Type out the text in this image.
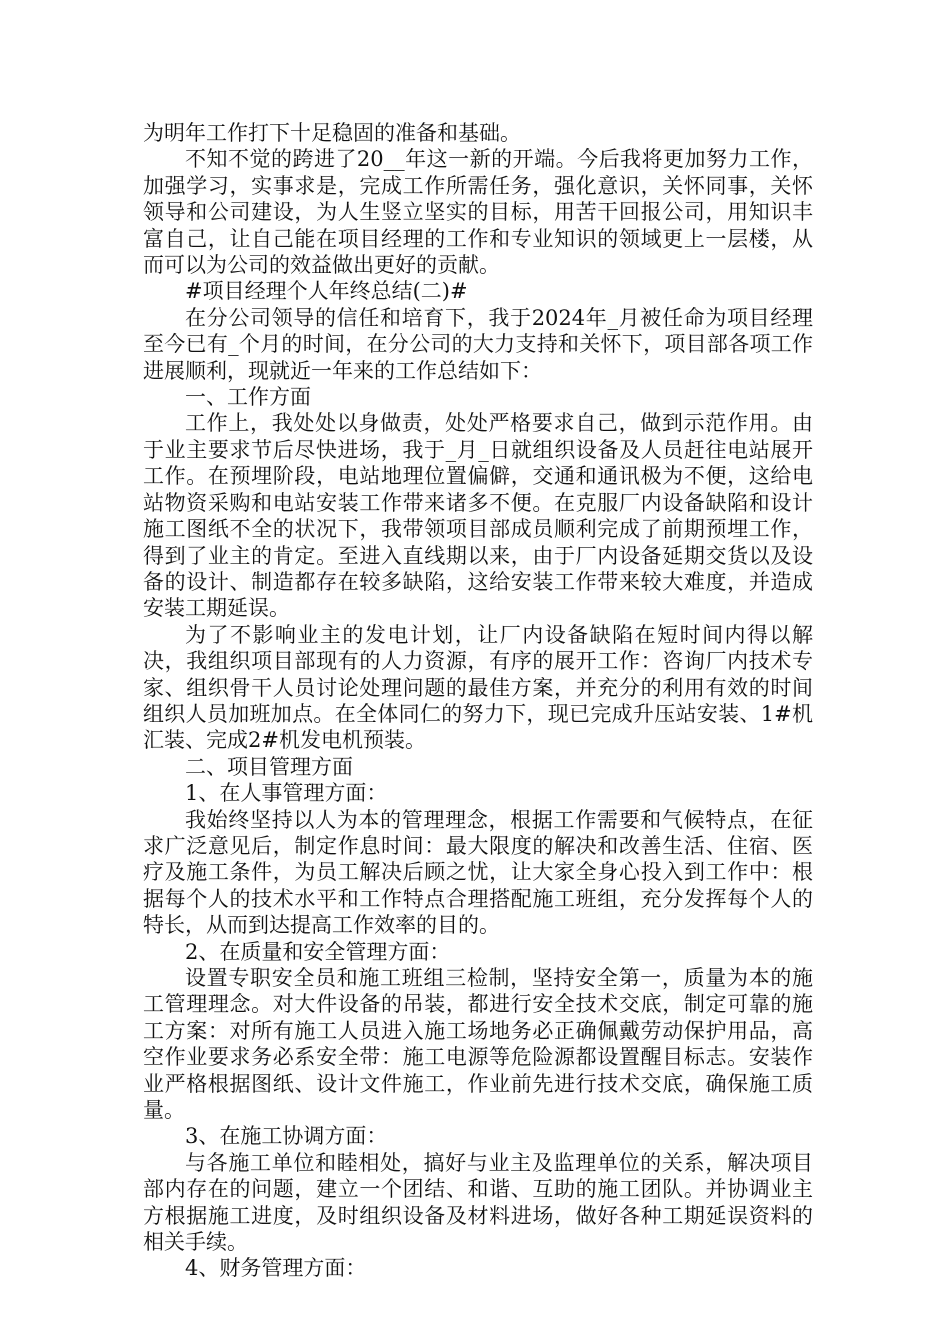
为明年工作打下十足稳固的准备和基础。

不知不觉的跨进了20__年这一新的开端。今后我将更加努力工作，加强学习，实事求是，完成工作所需任务，强化意识，关怀同事，关怀领导和公司建设，为人生竖立坚实的目标，用苦干回报公司，用知识丰富自己，让自己能在项目经理的工作和专业知识的领域更上一层楼，从而可以为公司的效益做出更好的贡献。

#项目经理个人年终总结(二)#

在分公司领导的信任和培育下，我于2024年_月被任命为项目经理至今已有_个月的时间，在分公司的大力支持和关怀下，项目部各项工作进展顺利，现就近一年来的工作总结如下：

一、工作方面

工作上，我处处以身做责，处处严格要求自己，做到示范作用。由于业主要求节后尽快进场，我于_月_日就组织设备及人员赶往电站展开工作。在预埋阶段，电站地理位置偏僻，交通和通讯极为不便，这给电站物资采购和电站安装工作带来诸多不便。在克服厂内设备缺陷和设计施工图纸不全的状况下，我带领项目部成员顺利完成了前期预埋工作，得到了业主的肯定。至进入直线期以来，由于厂内设备延期交货以及设备的设计、制造都存在较多缺陷，这给安装工作带来较大难度，并造成安装工期延误。

为了不影响业主的发电计划，让厂内设备缺陷在短时间内得以解决，我组织项目部现有的人力资源，有序的展开工作：咨询厂内技术专家、组织骨干人员讨论处理问题的最佳方案，并充分的利用有效的时间组织人员加班加点。在全体同仁的努力下，现已完成升压站安装、1#机汇装、完成2#机发电机预装。

二、项目管理方面

1、在人事管理方面：

我始终坚持以人为本的管理理念，根据工作需要和气候特点，在征求广泛意见后，制定作息时间：最大限度的解决和改善生活、住宿、医疗及施工条件，为员工解决后顾之忧，让大家全身心投入到工作中：根据每个人的技术水平和工作特点合理搭配施工班组，充分发挥每个人的特长，从而到达提高工作效率的目的。

2、在质量和安全管理方面：

设置专职安全员和施工班组三检制，坚持安全第一，质量为本的施工管理理念。对大件设备的吊装，都进行安全技术交底，制定可靠的施工方案：对所有施工人员进入施工场地务必正确佩戴劳动保护用品，高空作业要求务必系安全带：施工电源等危险源都设置醒目标志。安装作业严格根据图纸、设计文件施工，作业前先进行技术交底，确保施工质量。

3、在施工协调方面：

与各施工单位和睦相处，搞好与业主及监理单位的关系，解决项目部内存在的问题，建立一个团结、和谐、互助的施工团队。并协调业主方根据施工进度，及时组织设备及材料进场，做好各种工期延误资料的相关手续。

4、财务管理方面：
